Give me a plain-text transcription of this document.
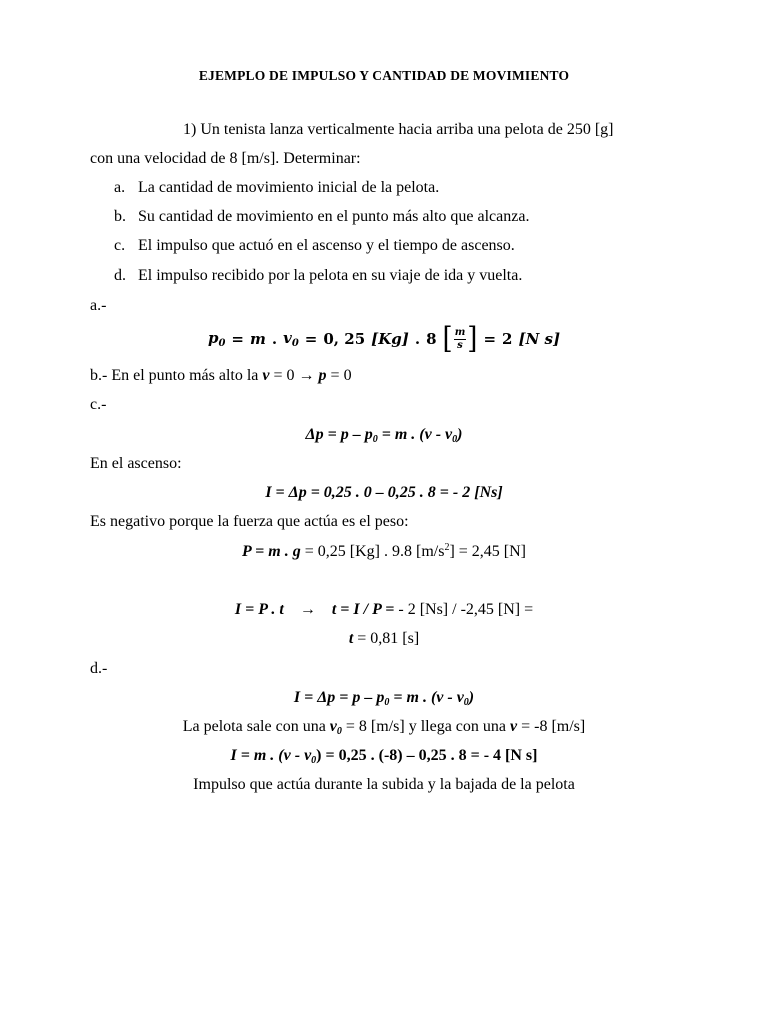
EJEMPLO DE IMPULSO Y CANTIDAD DE MOVIMIENTO
1) Un tenista lanza verticalmente hacia arriba una pelota de 250 [g]
con una velocidad de 8 [m/s]. Determinar:
a. La cantidad de movimiento inicial de la pelota.
b. Su cantidad de movimiento en el punto más alto que alcanza.
c. El impulso que actuó en el ascenso y el tiempo de ascenso.
d. El impulso recibido por la pelota en su viaje de ida y vuelta.
a.-
$p_0 = m$ . $v_0 = 0$, 25 [Kg] . 8 [ $\frac{m}{s}$ ] = 2 [N s]
b.- En el punto más alto la v = 0 → p = 0
c.-
$\Delta p = p - p_0 = m$ . $(v - v_0)$
En el ascenso:
I = Δp = 0,25 . 0 – 0,25 . 8 = - 2 [Ns]
Es negativo porque la fuerza que actúa es el peso:
P = m . g = 0,25 [Kg] . 9.8 $[m/s^2] = 2,45$ [N]
I = P . t    →    t = I / P = - 2 [Ns] / -2,45 [N] =
t = 0,81 [s]
d.-
$I = \Delta p = p - p_0 = m$ . $(v - v_0)$
La pelota sale con una $v_0 = 8$ [m/s] y llega con una v = -8 [m/s]
I = m . $(v - v_0) = 0,25$ . (-8) – 0,25 . 8 = - 4 [N s]
Impulso que actúa durante la subida y la bajada de la pelota
